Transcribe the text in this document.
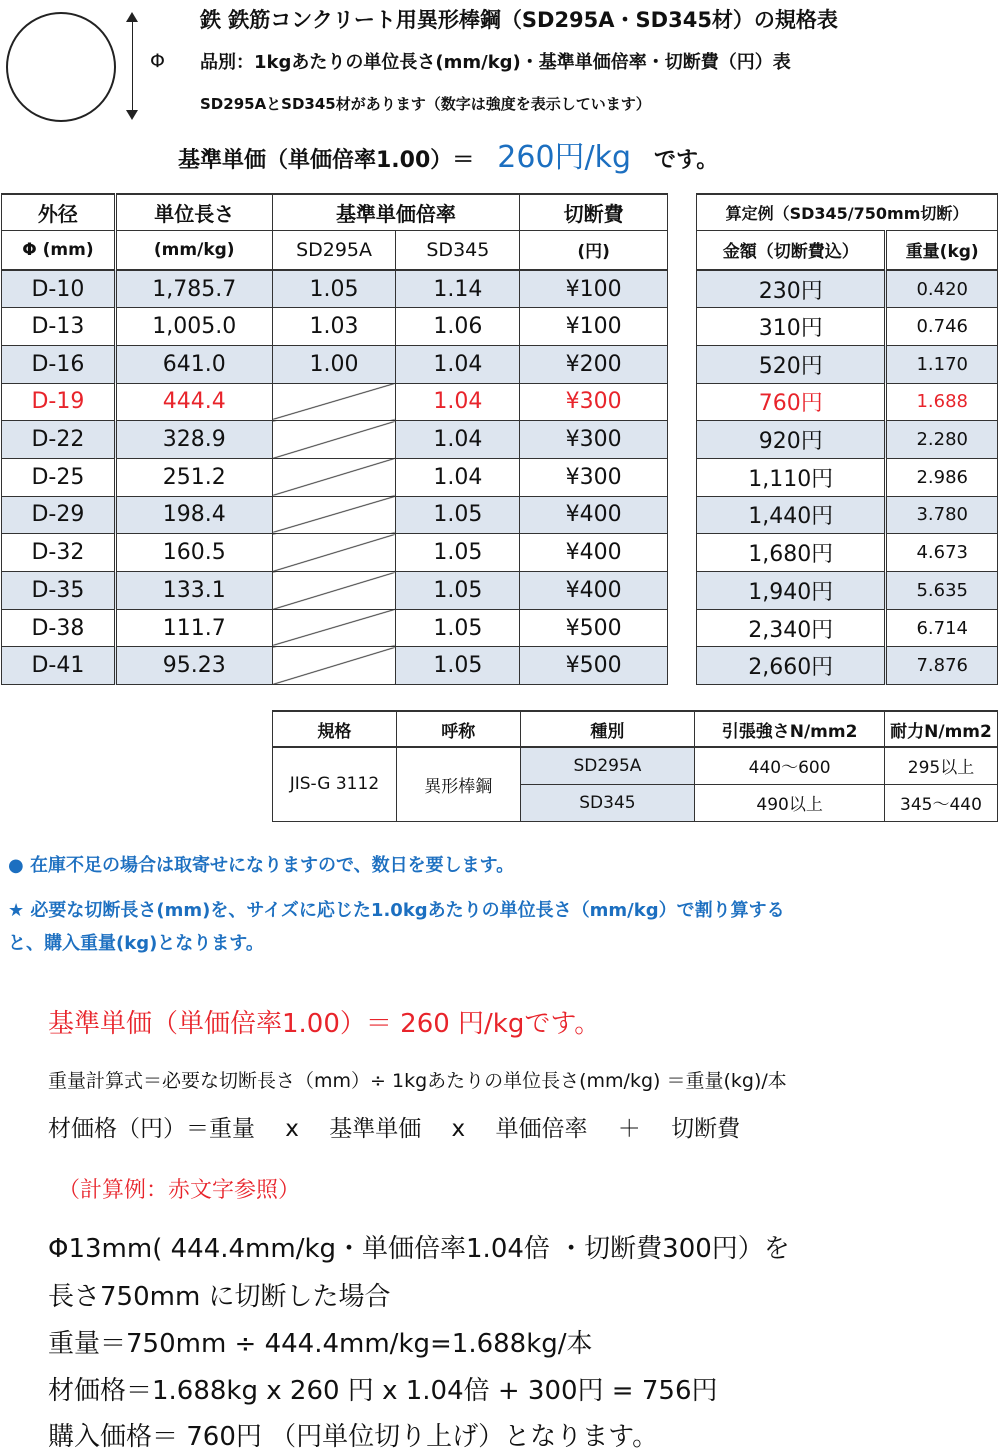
Φ
鉄 鉄筋コンクリート用異形棒鋼（SD295A・SD345材）の規格表
品別：1kgあたりの単位長さ(mm/kg)・基準単価倍率・切断費（円）表
SD295AとSD345材があります（数字は強度を表示しています）
基準単価（単価倍率1.00）＝ 260円/kg です。
外径	単位長さ	基準単価倍率		切断費
Φ (mm)	(mm/kg)	SD295A	SD345	(円)
D-10	1,785.7	1.05	1.14	¥100
D-13	1,005.0	1.03	1.06	¥100
D-16	641.0	1.00	1.04	¥200
D-19	444.4		1.04	¥300
D-22	328.9		1.04	¥300
D-25	251.2		1.04	¥300
D-29	198.4		1.05	¥400
D-32	160.5		1.05	¥400
D-35	133.1		1.05	¥400
D-38	111.7		1.05	¥500
D-41	95.23		1.05	¥500
算定例（SD345/750mm切断）	
金額（切断費込）	重量(kg)
230円	0.420
310円	0.746
520円	1.170
760円	1.688
920円	2.280
1,110円	2.986
1,440円	3.780
1,680円	4.673
1,940円	5.635
2,340円	6.714
2,660円	7.876
規格	呼称	種別	引張強さN/mm2	耐力N/mm2
JIS-G 3112	異形棒鋼	SD295A	440〜600	295以上
		SD345	490以上	345〜440
● 在庫不足の場合は取寄せになりますので、数日を要します。
★ 必要な切断長さ(mm)を、サイズに応じた1.0kgあたりの単位長さ（mm/kg）で割り算する
と、購入重量(kg)となります。
基準単価（単価倍率1.00）＝ 260 円/kgです。
重量計算式＝必要な切断長さ（mm）÷ 1kgあたりの単位長さ(mm/kg) ＝重量(kg)/本
材価格（円）＝重量　 x　 基準単価　 x　 単価倍率　 ＋　 切断費
（計算例：赤文字参照）
Φ13mm( 444.4mm/kg・単価倍率1.04倍 ・切断費300円）を
長さ750mm に切断した場合
重量＝750mm ÷ 444.4mm/kg=1.688kg/本
材価格＝1.688kg x 260 円 x 1.04倍 + 300円 = 756円
購入価格＝ 760円 （円単位切り上げ）となります。
